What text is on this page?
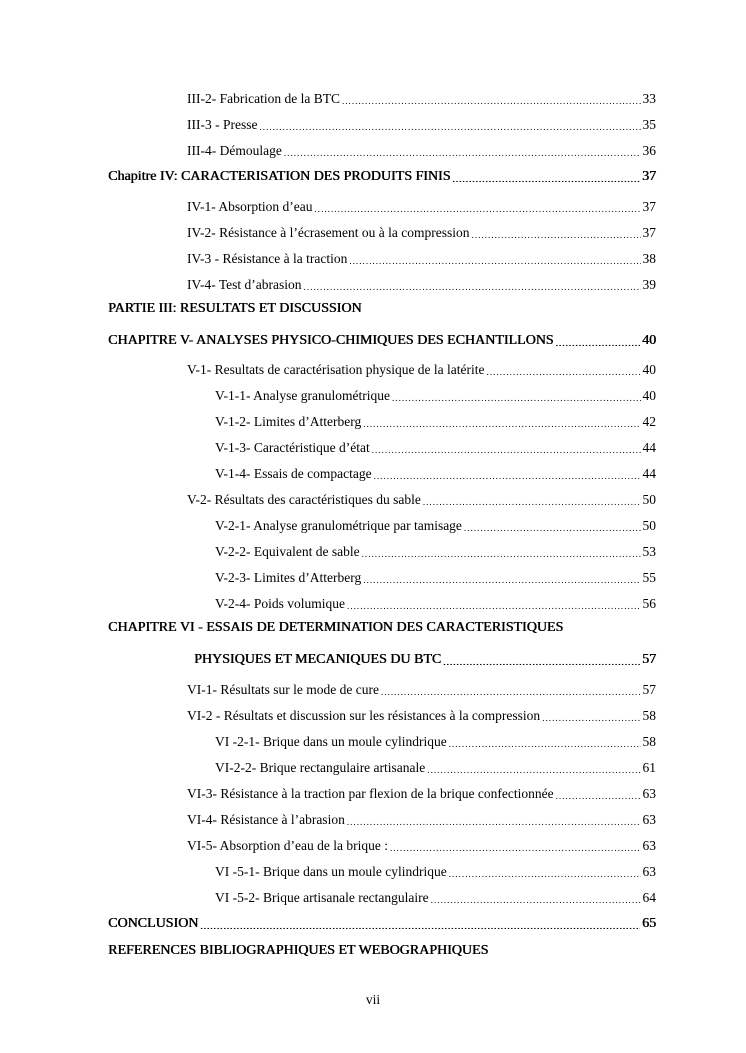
III-2- Fabrication de la BTC . . .	33
III-3 - Presse . . .	35
III-4- Démoulage . . .	36
Chapitre IV: CARACTERISATION DES PRODUITS FINIS . . .	37
IV-1- Absorption d’eau . . .	37
IV-2- Résistance à l’écrasement ou à la compression . . .	37
IV-3 - Résistance à la traction . . .	38
IV-4- Test d’abrasion . . .	39
PARTIE III: RESULTATS ET DISCUSSION
CHAPITRE V- ANALYSES PHYSICO-CHIMIQUES DES ECHANTILLONS . . .	40
V-1- Resultats de caractérisation physique de la latérite . . .	40
V-1-1- Analyse granulométrique . . .	40
V-1-2- Limites d’Atterberg . . .	42
V-1-3- Caractéristique d’état . . .	44
V-1-4- Essais de compactage . . .	44
V-2- Résultats des caractéristiques du sable . . .	50
V-2-1- Analyse granulométrique par tamisage . . .	50
V-2-2- Equivalent de sable . . .	53
V-2-3- Limites d’Atterberg . . .	55
V-2-4- Poids volumique . . .	56
CHAPITRE VI - ESSAIS DE DETERMINATION DES CARACTERISTIQUES
PHYSIQUES ET MECANIQUES DU BTC . . .	57
VI-1- Résultats sur le mode de cure . . .	57
VI-2 - Résultats et discussion sur les résistances à la compression . . .	58
VI -2-1- Brique dans un moule cylindrique . . .	58
VI-2-2- Brique rectangulaire artisanale . . .	61
VI-3- Résistance à la traction par flexion de la brique confectionnée . . .	63
VI-4- Résistance à l’abrasion . . .	63
VI-5- Absorption d’eau de la brique : . . .	63
VI -5-1- Brique dans un moule cylindrique . . .	63
VI -5-2- Brique artisanale rectangulaire . . .	64
CONCLUSION . . .	65
REFERENCES BIBLIOGRAPHIQUES ET WEBOGRAPHIQUES
vii
